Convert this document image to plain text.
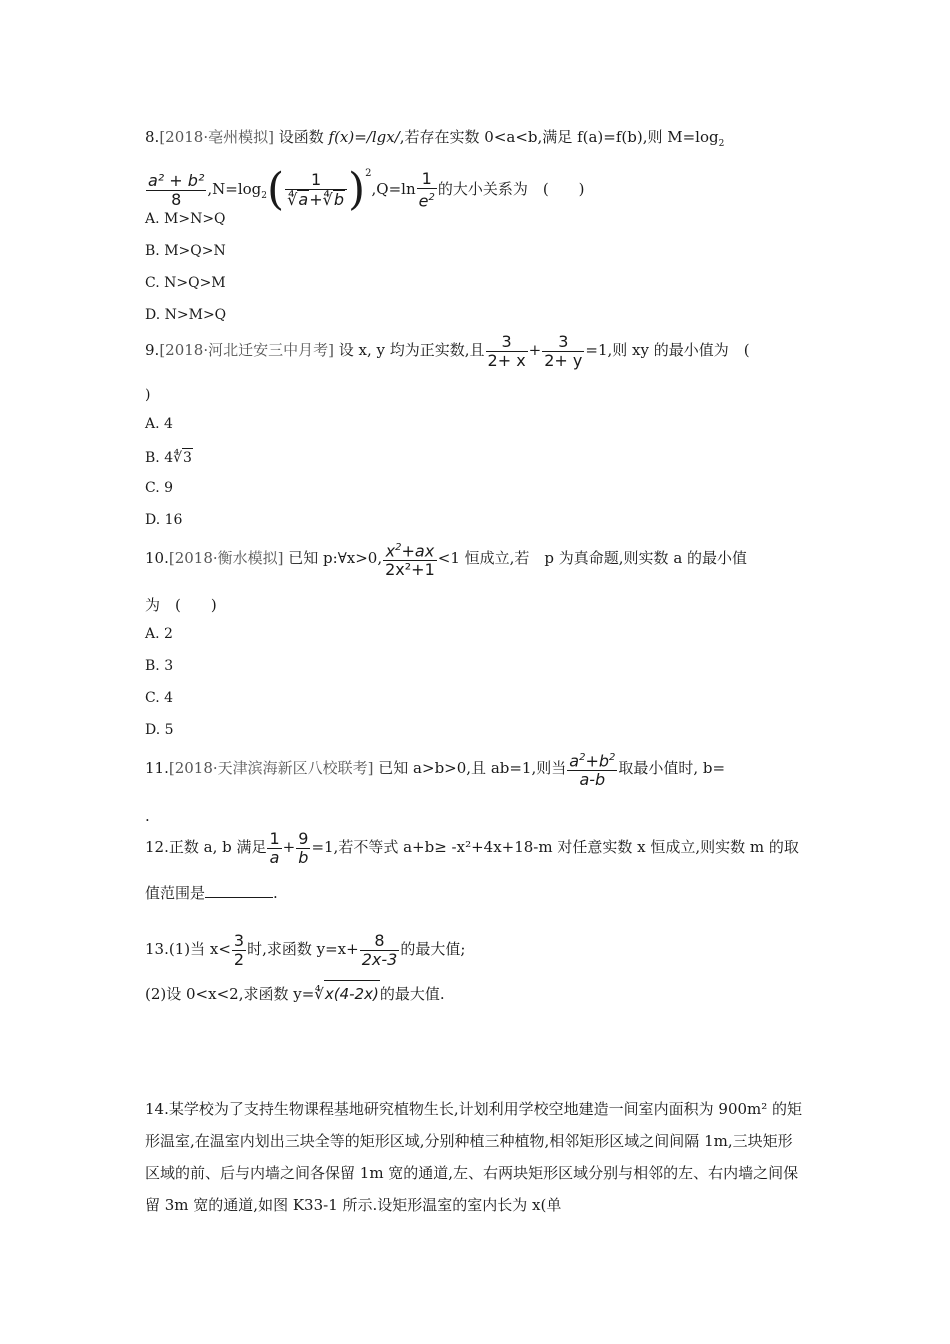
8.[2018·亳州模拟] 设函数 f(x)=/lgx/,若存在实数 0<a<b,满足 f(a)=f(b),则 $M=\log_2$
$\frac{\text{a² + b²}}{8} ,N=\log_2( \frac{1}{∜a+∜b} )^2,Q=\ln \frac{1}{e^2}$ 的大小关系为　(　　)
A. M>N>Q
B. M>Q>N
C. N>Q>M
D. N>M>Q
9.[2018·河北迁安三中月考] 设 x, y 均为正实数,且 $\frac{3}{2+ x} + \frac{3}{2+ y} =1$,则 xy 的最小值为　(
)
A. 4
B. 4∜3
C. 9
D. 16
10.[2018·衡水模拟] 已知 p:∀x>0, $\frac{x^2+ax}{\text{2x²+1}} <1$ 恒成立,若　p 为真命题,则实数 a 的最小值
为　(　　)
A. 2
B. 3
C. 4
D. 5
11.[2018·天津滨海新区八校联考] 已知 a>b>0,且 ab=1,则当 $\frac{a^2+b^2}{a-b}$ 取最小值时, b=
.
12.正数 a, b 满足 $\frac{1}{a} + \frac{9}{b} =1$,若不等式 a+b≥ -x²+4x+18-m 对任意实数 x 恒成立,则实数 m 的取
值范围是	.
13.(1)当 $x< \frac{3}{2}$ 时,求函数 $y=x+ \frac{8}{2x-3}$ 的最大值;
(2)设 0<x<2,求函数 y=∜x(4-2x)的最大值.
14.某学校为了支持生物课程基地研究植物生长,计划利用学校空地建造一间室内面积为 900m² 的矩形温室,在温室内划出三块全等的矩形区域,分别种植三种植物,相邻矩形区域之间间隔 1m,三块矩形区域的前、后与内墙之间各保留 1m 宽的通道,左、右两块矩形区域分别与相邻的左、右内墙之间保留 3m 宽的通道,如图 K33-1 所示.设矩形温室的室内长为 x(单
